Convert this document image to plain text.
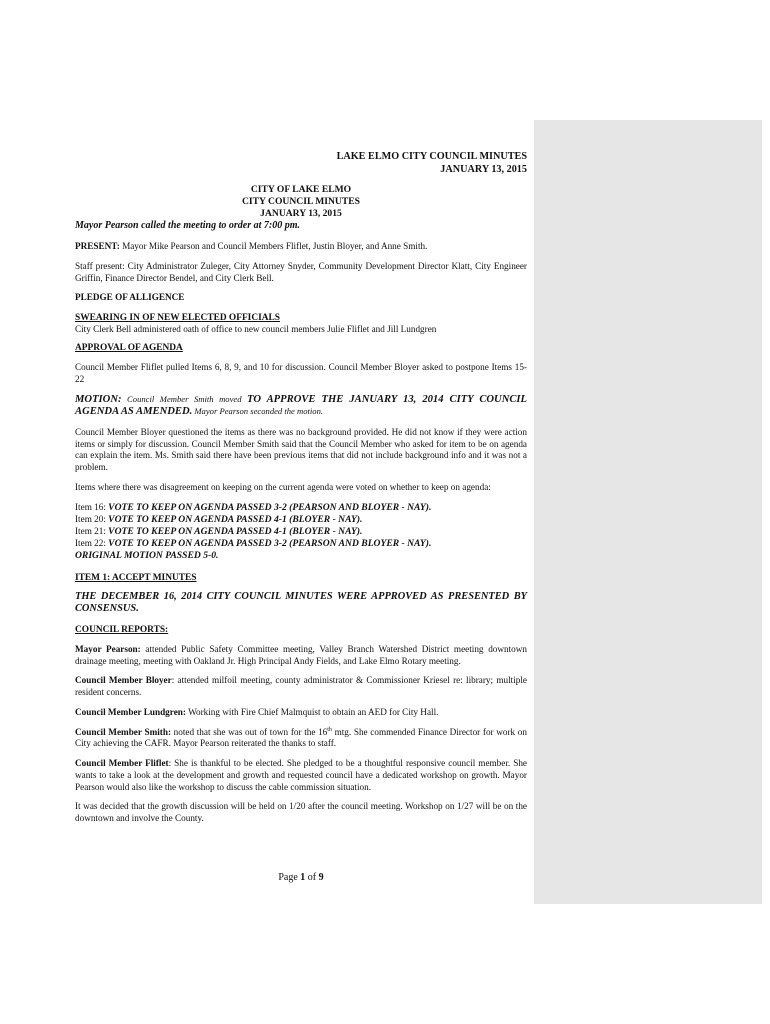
LAKE ELMO CITY COUNCIL MINUTES
JANUARY 13, 2015
CITY OF LAKE ELMO
CITY COUNCIL MINUTES
JANUARY 13, 2015

Mayor Pearson called the meeting to order at 7:00 pm.

PRESENT: Mayor Mike Pearson and Council Members Fliflet, Justin Bloyer, and Anne Smith.

Staff present: City Administrator Zuleger, City Attorney Snyder, Community Development Director Klatt, City Engineer Griffin, Finance Director Bendel, and City Clerk Bell.

PLEDGE OF ALLIGENCE

SWEARING IN OF NEW ELECTED OFFICIALS

City Clerk Bell administered oath of office to new council members Julie Fliflet and Jill Lundgren

APPROVAL OF AGENDA

Council Member Fliflet pulled Items 6, 8, 9, and 10 for discussion. Council Member Bloyer asked to postpone Items 15-22

MOTION: Council Member Smith moved TO APPROVE THE JANUARY 13, 2014 CITY COUNCIL AGENDA AS AMENDED. Mayor Pearson seconded the motion.

Council Member Bloyer questioned the items as there was no background provided. He did not know if they were action items or simply for discussion. Council Member Smith said that the Council Member who asked for item to be on agenda can explain the item. Ms. Smith said there have been previous items that did not include background info and it was not a problem.

Items where there was disagreement on keeping on the current agenda were voted on whether to keep on agenda:

Item 16: VOTE TO KEEP ON AGENDA PASSED 3-2 (PEARSON AND BLOYER - NAY).
Item 20: VOTE TO KEEP ON AGENDA PASSED 4-1 (BLOYER - NAY).
Item 21: VOTE TO KEEP ON AGENDA PASSED 4-1 (BLOYER - NAY).
Item 22: VOTE TO KEEP ON AGENDA PASSED 3-2 (PEARSON AND BLOYER - NAY).
ORIGINAL MOTION PASSED 5-0.
ITEM 1: ACCEPT MINUTES

THE DECEMBER 16, 2014 CITY COUNCIL MINUTES WERE APPROVED AS PRESENTED BY CONSENSUS.

COUNCIL REPORTS:

Mayor Pearson: attended Public Safety Committee meeting, Valley Branch Watershed District meeting downtown drainage meeting, meeting with Oakland Jr. High Principal Andy Fields, and Lake Elmo Rotary meeting.

Council Member Bloyer: attended milfoil meeting, county administrator & Commissioner Kriesel re: library; multiple resident concerns.

Council Member Lundgren: Working with Fire Chief Malmquist to obtain an AED for City Hall.

Council Member Smith: noted that she was out of town for the 16th mtg. She commended Finance Director for work on City achieving the CAFR. Mayor Pearson reiterated the thanks to staff.

Council Member Fliflet: She is thankful to be elected. She pledged to be a thoughtful responsive council member. She wants to take a look at the development and growth and requested council have a dedicated workshop on growth. Mayor Pearson would also like the workshop to discuss the cable commission situation.

It was decided that the growth discussion will be held on 1/20 after the council meeting. Workshop on 1/27 will be on the downtown and involve the County.

Page 1 of 9
